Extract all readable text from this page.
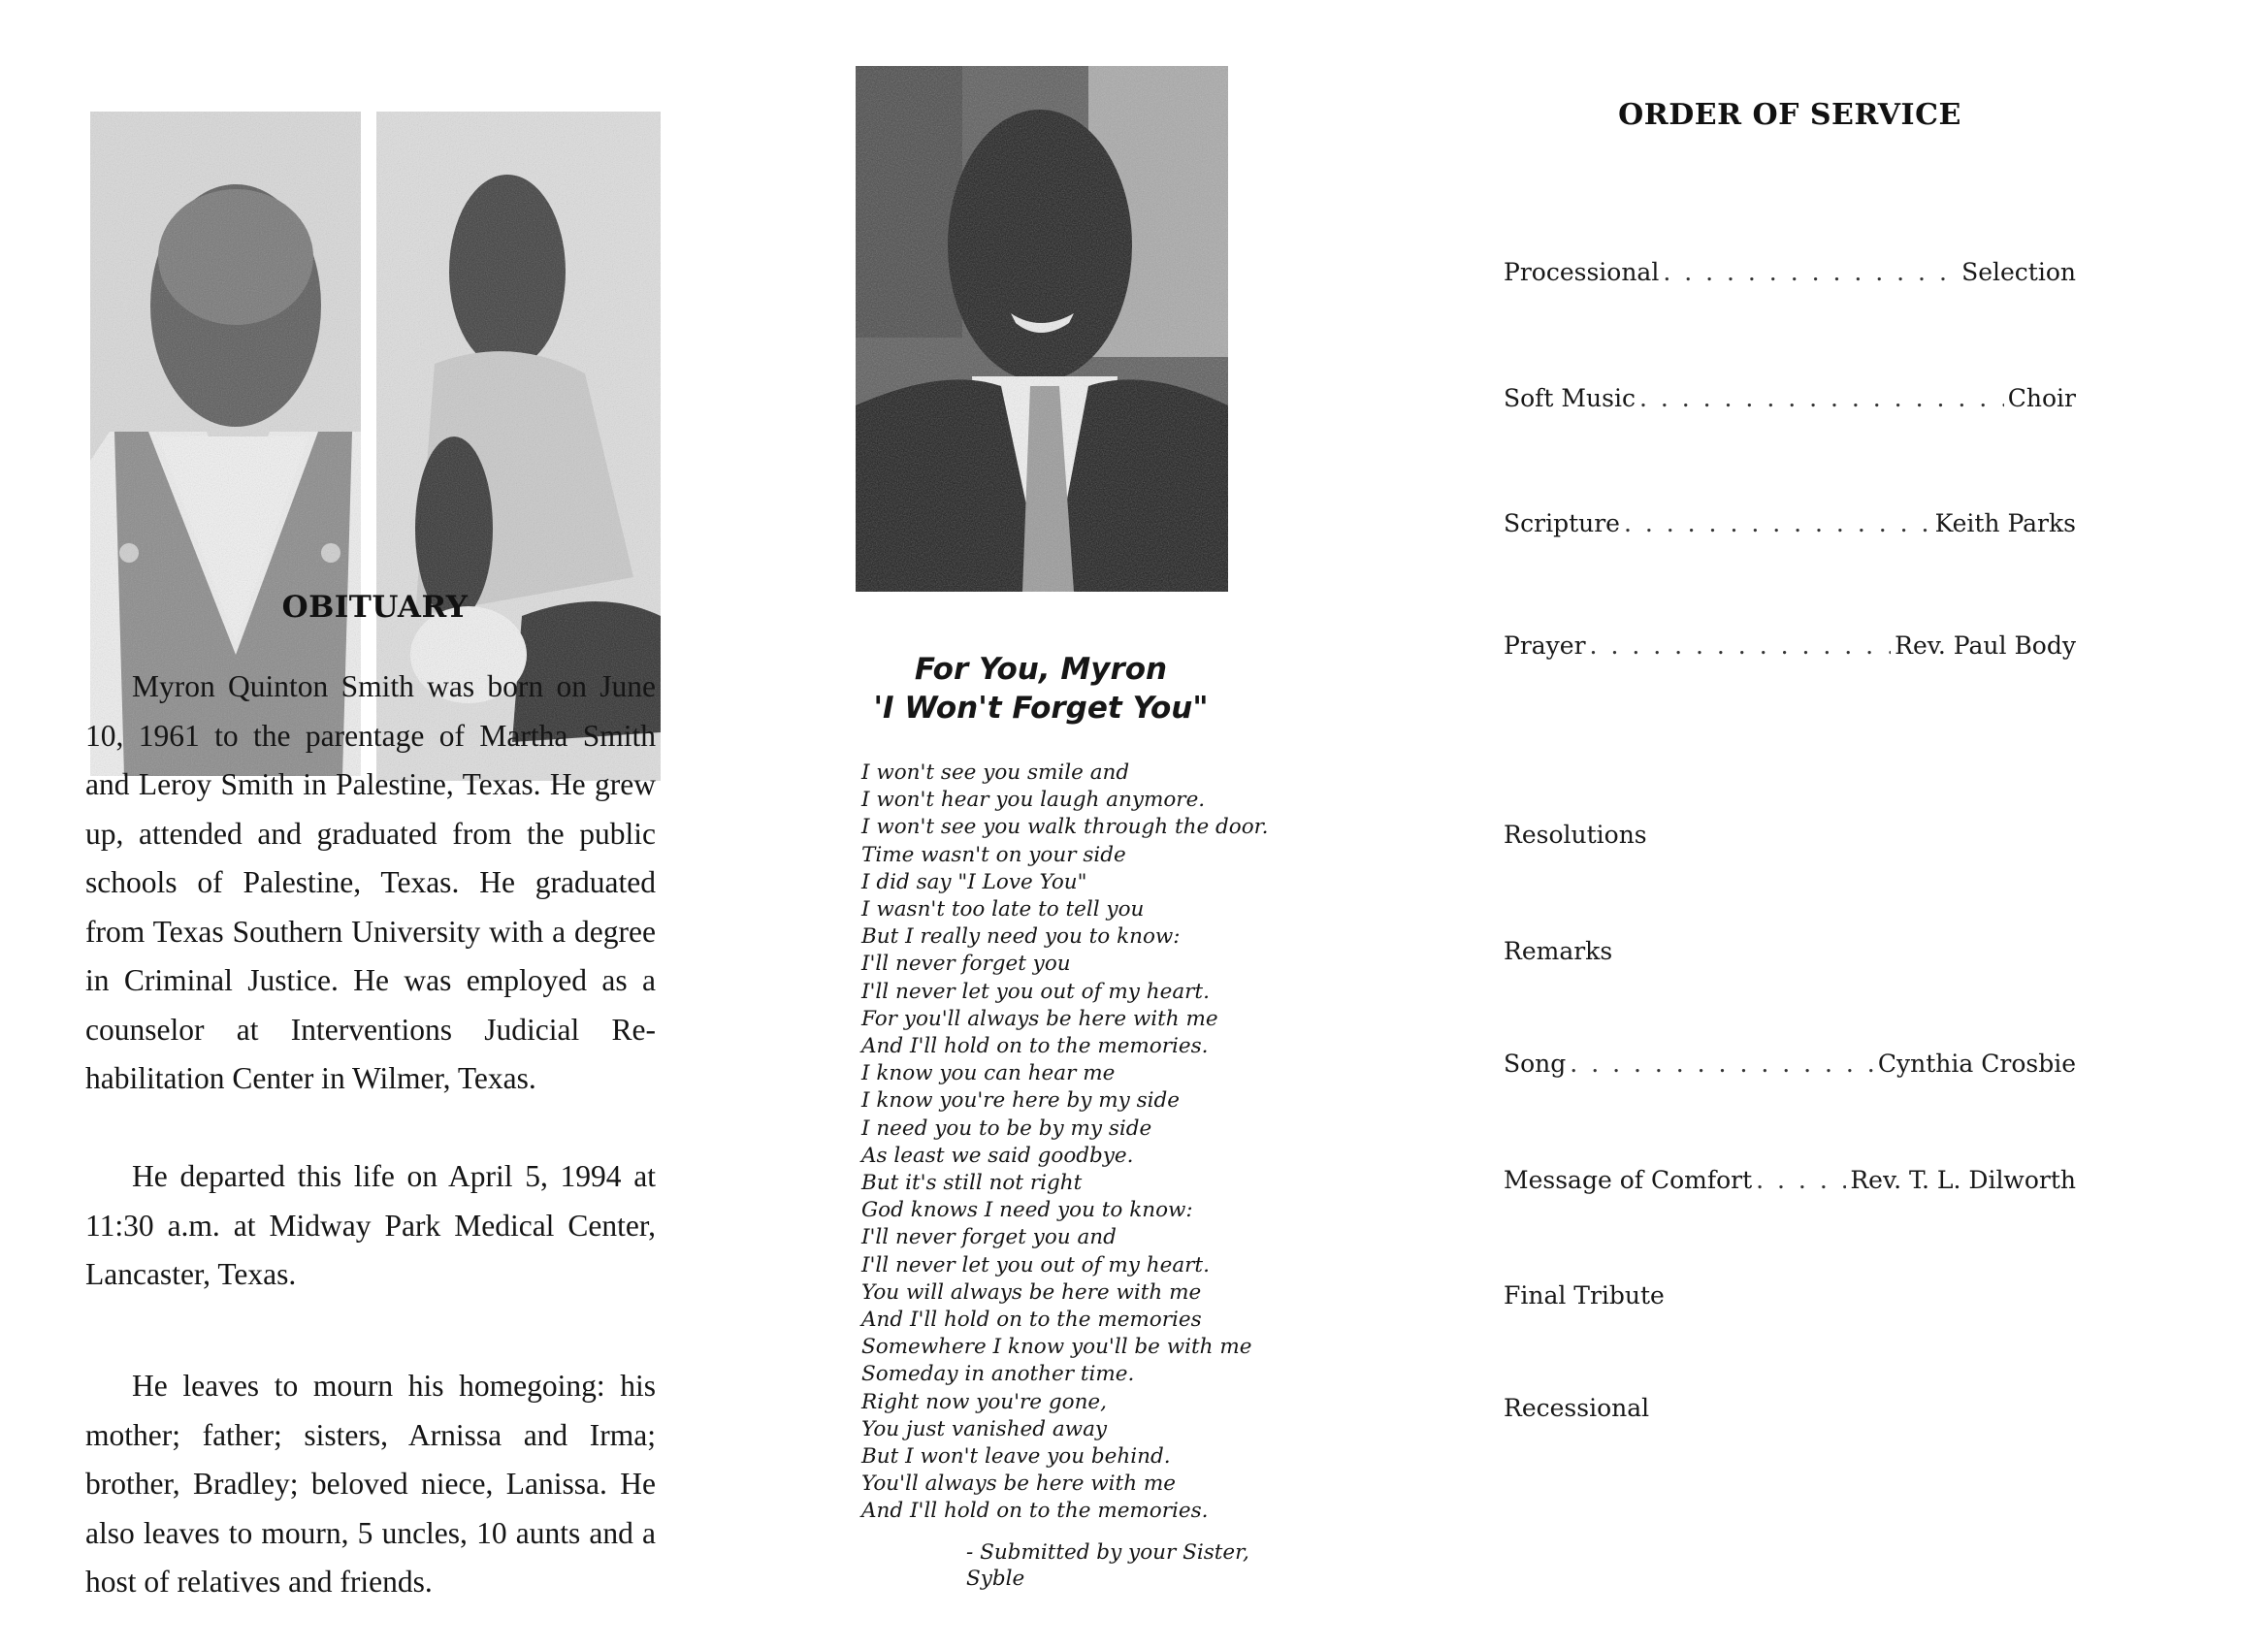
OBITUARY

Myron Quinton Smith was born on June 10, 1961 to the parentage of Martha Smith and Leroy Smith in Palestine, Texas. He grew up, attended and graduated from the public schools of Palestine, Texas. He graduated from Texas Southern University with a degree in Criminal Justice. He was employed as a counselor at Interventions Judicial Rehabilitation Center in Wilmer, Texas.

He departed this life on April 5, 1994 at 11:30 a.m. at Midway Park Medical Center, Lancaster, Texas.

He leaves to mourn his homegoing: his mother; father; sisters, Arnissa and Irma; brother, Bradley; beloved niece, Lanissa. He also leaves to mourn, 5 uncles, 10 aunts and a host of relatives and friends.

For You, Myron
'I Won't Forget You"
I won't see you smile and
I won't hear you laugh anymore.
I won't see you walk through the door.
Time wasn't on your side
I did say "I Love You"
I wasn't too late to tell you
But I really need you to know:
I'll never forget you
I'll never let you out of my heart.
For you'll always be here with me
And I'll hold on to the memories.
I know you can hear me
I know you're here by my side
I need you to be by my side
As least we said goodbye.
But it's still not right
God knows I need you to know:
I'll never forget you and
I'll never let you out of my heart.
You will always be here with me
And I'll hold on to the memories
Somewhere I know you'll be with me
Someday in another time.
Right now you're gone,
You just vanished away
But I won't leave you behind.
You'll always be here with me
And I'll hold on to the memories.
- Submitted by your Sister,
Syble
ORDER OF SERVICE
Processional . . .	Selection
Soft Music . . .	Choir
Scripture . . .	Keith Parks
Prayer . . .	Rev. Paul Body
Resolutions
Remarks
Song . . .	Cynthia Crosbie
Message of Comfort . . .	Rev. T. L. Dilworth
Final Tribute
Recessional
